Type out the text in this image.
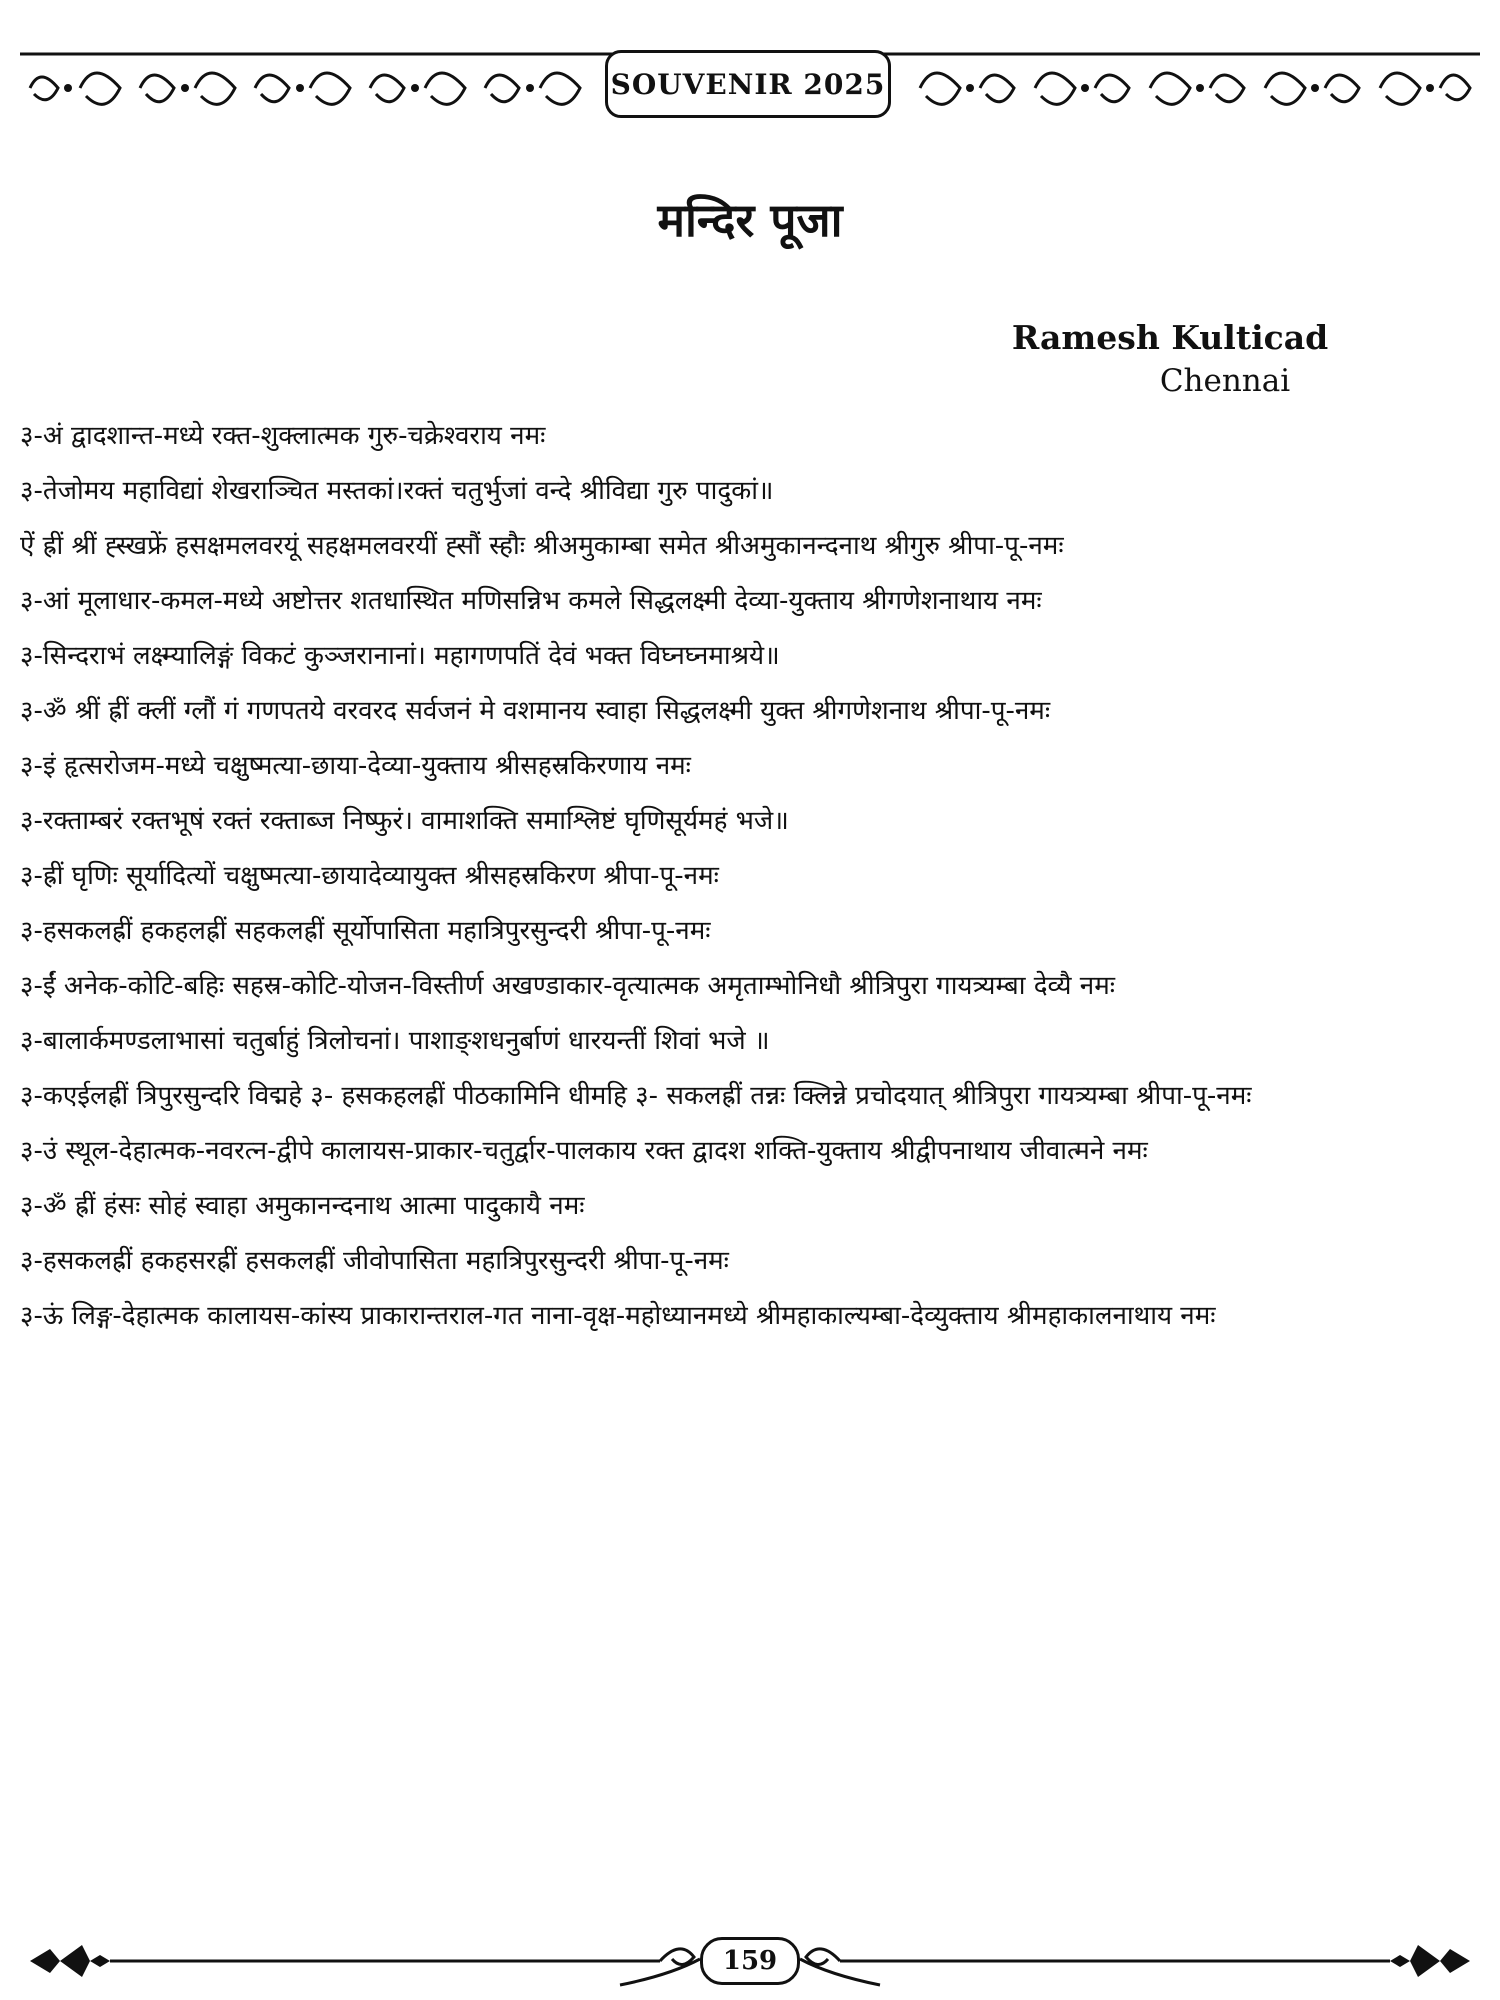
SOUVENIR 2025
मन्दिर पूजा
Ramesh Kulticad
Chennai

३-अं द्वादशान्त-मध्ये रक्त-शुक्लात्मक गुरु-चक्रेश्वराय नमः

३-तेजोमय महाविद्यां शेखराञ्चित मस्तकां।रक्तं चतुर्भुजां वन्दे श्रीविद्या गुरु पादुकां॥

ऐं ह्रीं श्रीं ह्स्खफ्रें हसक्षमलवरयूं सहक्षमलवरयीं ह्सौं स्हौः श्रीअमुकाम्बा समेत श्रीअमुकानन्दनाथ श्रीगुरु श्रीपा-पू-नमः

३-आं मूलाधार-कमल-मध्ये अष्टोत्तर शतधास्थित मणिसन्निभ कमले सिद्धलक्ष्मी देव्या-युक्ताय श्रीगणेशनाथाय नमः

३-सिन्दराभं लक्ष्म्यालिङ्गं विकटं कुञ्जरानानां। महागणपतिं देवं भक्त विघ्नघ्नमाश्रये॥

३-ॐ श्रीं ह्रीं क्लीं ग्लौं गं गणपतये वरवरद सर्वजनं मे वशमानय स्वाहा सिद्धलक्ष्मी युक्त श्रीगणेशनाथ श्रीपा-पू-नमः

३-इं हृत्सरोजम-मध्ये चक्षुष्मत्या-छाया-देव्या-युक्ताय श्रीसहस्रकिरणाय नमः

३-रक्ताम्बरं रक्तभूषं रक्तं रक्ताब्ज निष्फुरं। वामाशक्ति समाश्लिष्टं घृणिसूर्यमहं भजे॥

३-ह्रीं घृणिः सूर्यादित्यों चक्षुष्मत्या-छायादेव्यायुक्त श्रीसहस्रकिरण श्रीपा-पू-नमः

३-हसकलह्रीं हकहलह्रीं सहकलह्रीं सूर्योपासिता महात्रिपुरसुन्दरी श्रीपा-पू-नमः

३-ईं अनेक-कोटि-बहिः सहस्र-कोटि-योजन-विस्तीर्ण अखण्डाकार-वृत्यात्मक अमृताम्भोनिधौ श्रीत्रिपुरा गायत्र्यम्बा देव्यै नमः

३-बालार्कमण्डलाभासां चतुर्बाहुं त्रिलोचनां। पाशाङ्शधनुर्बाणं धारयन्तीं शिवां भजे ॥

३-कएईलह्रीं त्रिपुरसुन्दरि विद्महे ३- हसकहलह्रीं पीठकामिनि धीमहि ३- सकलह्रीं तन्नः क्लिन्ने प्रचोदयात् श्रीत्रिपुरा गायत्र्यम्बा श्रीपा-पू-नमः

३-उं स्थूल-देहात्मक-नवरत्न-द्वीपे कालायस-प्राकार-चतुर्द्वार-पालकाय रक्त द्वादश शक्ति-युक्ताय श्रीद्वीपनाथाय जीवात्मने नमः

३-ॐ ह्रीं हंसः सोहं स्वाहा अमुकानन्दनाथ आत्मा पादुकायै नमः

३-हसकलह्रीं हकहसरह्रीं हसकलह्रीं जीवोपासिता महात्रिपुरसुन्दरी श्रीपा-पू-नमः

३-ऊं लिङ्ग-देहात्मक कालायस-कांस्य प्राकारान्तराल-गत नाना-वृक्ष-महोध्यानमध्ये श्रीमहाकाल्यम्बा-देव्युक्ताय श्रीमहाकालनाथाय नमः

159
